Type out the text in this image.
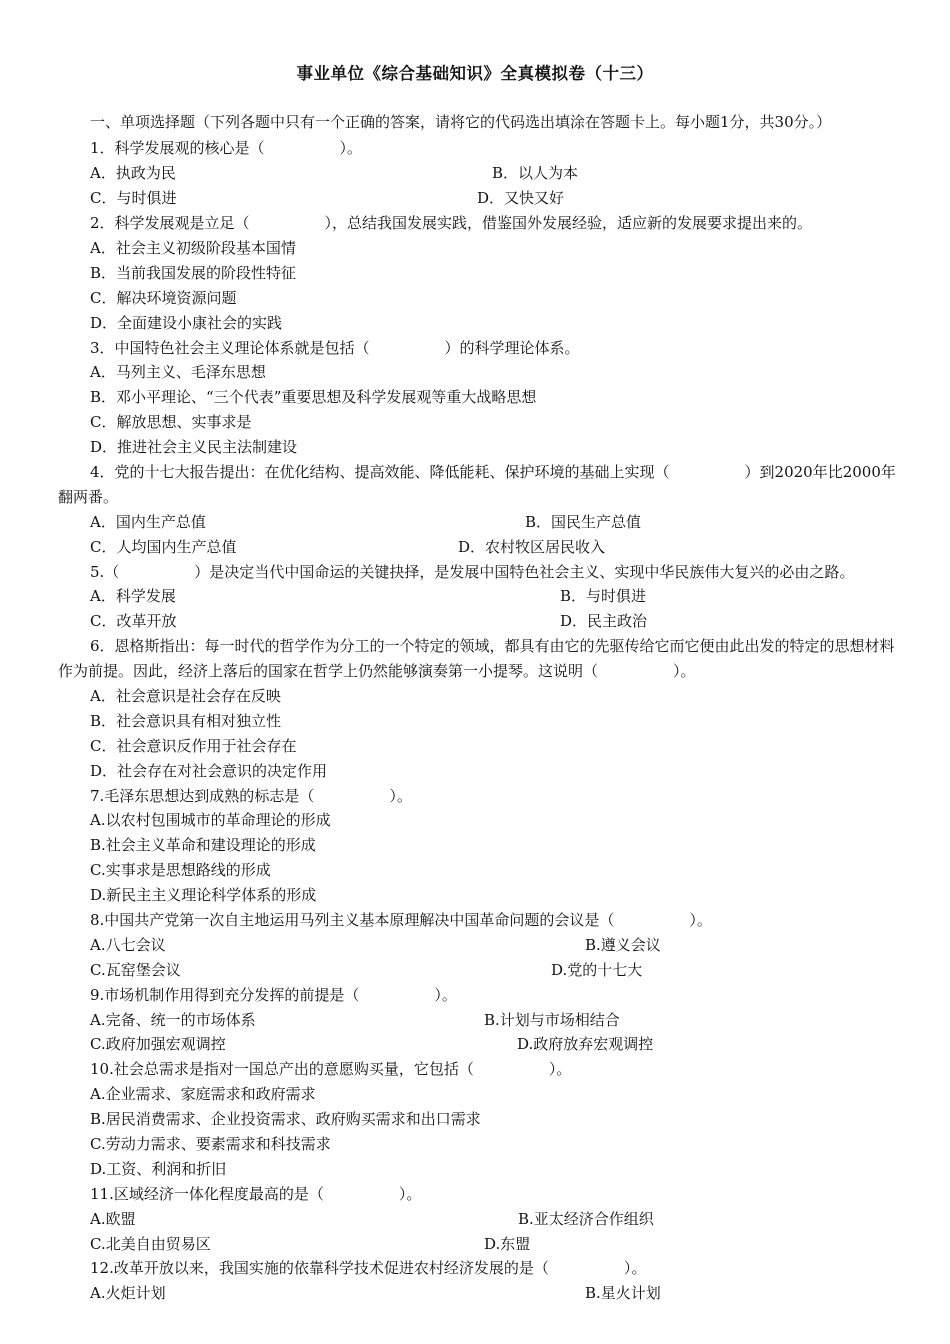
事业单位《综合基础知识》全真模拟卷（十三）
一、单项选择题（下列各题中只有一个正确的答案，请将它的代码选出填涂在答题卡上。每小题1分，共30分。）
1．科学发展观的核心是（　　　　　）。
A．执政为民	B．以人为本
C．与时俱进	D．又快又好
2．科学发展观是立足（　　　　　），总结我国发展实践，借鉴国外发展经验，适应新的发展要求提出来的。
A．社会主义初级阶段基本国情
B．当前我国发展的阶段性特征
C．解决环境资源问题
D．全面建设小康社会的实践
3．中国特色社会主义理论体系就是包括（　　　　　）的科学理论体系。
A．马列主义、毛泽东思想
B．邓小平理论、“三个代表”重要思想及科学发展观等重大战略思想
C．解放思想、实事求是
D．推进社会主义民主法制建设
4．党的十七大报告提出：在优化结构、提高效能、降低能耗、保护环境的基础上实现（　　　　　）到2020年比2000年翻两番。
A．国内生产总值	B．国民生产总值
C．人均国内生产总值	D．农村牧区居民收入
5.（　　　　　）是决定当代中国命运的关键抉择，是发展中国特色社会主义、实现中华民族伟大复兴的必由之路。
A．科学发展	B．与时俱进
C．改革开放	D．民主政治
6．恩格斯指出：每一时代的哲学作为分工的一个特定的领域，都具有由它的先驱传给它而它便由此出发的特定的思想材料作为前提。因此，经济上落后的国家在哲学上仍然能够演奏第一小提琴。这说明（　　　　　）。
A．社会意识是社会存在反映
B．社会意识具有相对独立性
C．社会意识反作用于社会存在
D．社会存在对社会意识的决定作用
7.毛泽东思想达到成熟的标志是（　　　　　）。
A.以农村包围城市的革命理论的形成
B.社会主义革命和建设理论的形成
C.实事求是思想路线的形成
D.新民主主义理论科学体系的形成
8.中国共产党第一次自主地运用马列主义基本原理解决中国革命问题的会议是（　　　　　）。
A.八七会议	B.遵义会议
C.瓦窑堡会议	D.党的十七大
9.市场机制作用得到充分发挥的前提是（　　　　　）。
A.完备、统一的市场体系	B.计划与市场相结合
C.政府加强宏观调控	D.政府放弃宏观调控
10.社会总需求是指对一国总产出的意愿购买量，它包括（　　　　　）。
A.企业需求、家庭需求和政府需求
B.居民消费需求、企业投资需求、政府购买需求和出口需求
C.劳动力需求、要素需求和科技需求
D.工资、利润和折旧
11.区域经济一体化程度最高的是（　　　　　）。
A.欧盟	B.亚太经济合作组织
C.北美自由贸易区	D.东盟
12.改革开放以来，我国实施的依靠科学技术促进农村经济发展的是（　　　　　）。
A.火炬计划	B.星火计划
